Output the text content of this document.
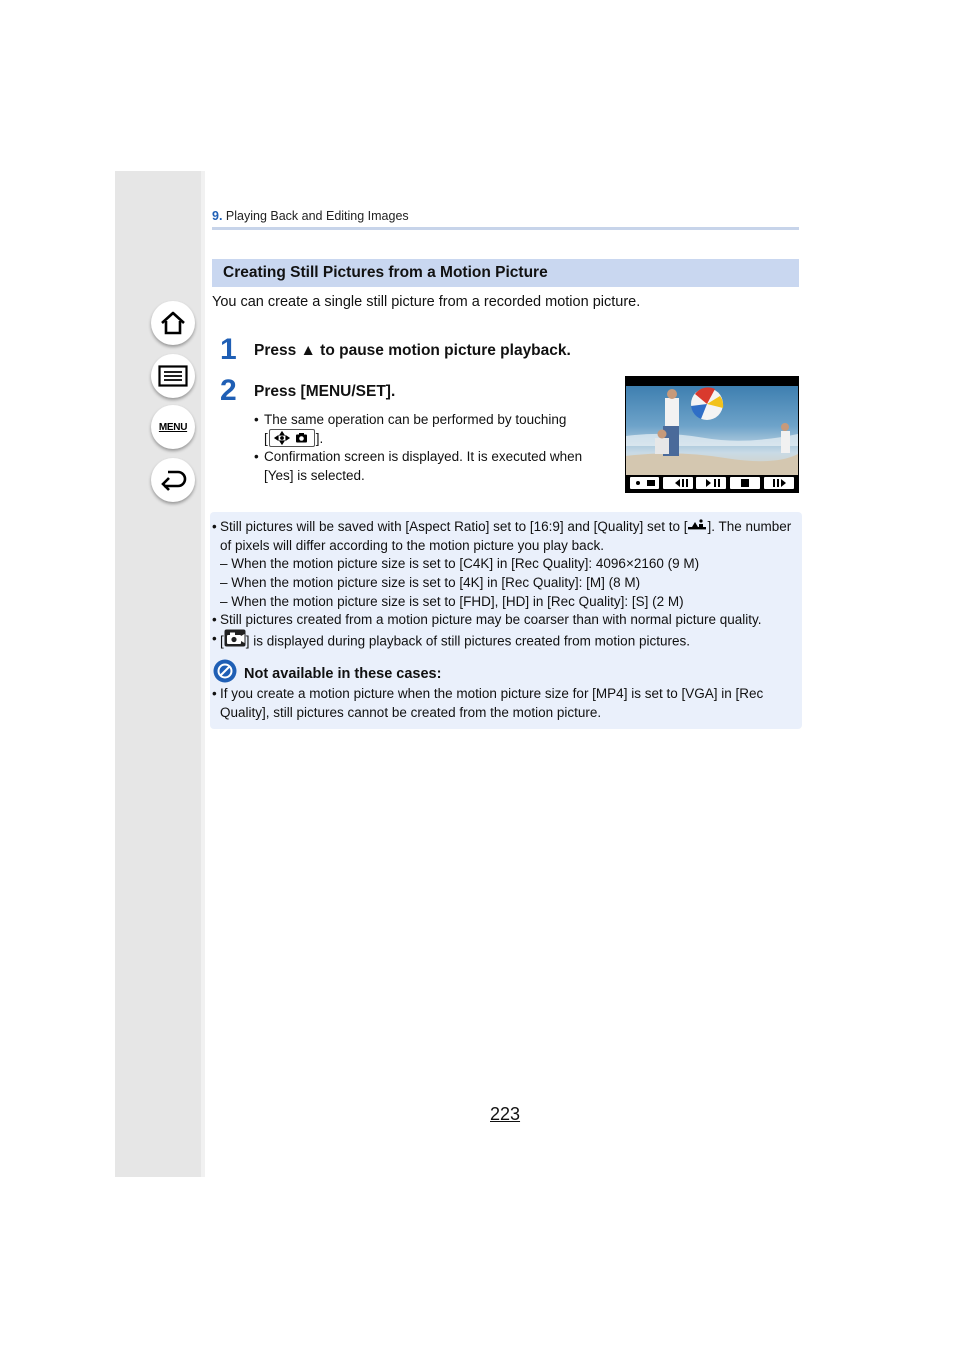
MENU
9. Playing Back and Editing Images
Creating Still Pictures from a Motion Picture
You can create a single still picture from a recorded motion picture.
1 Press ▲ to pause motion picture playback.
2 Press [MENU/SET].
• The same operation can be performed by touching
[	].
• Confirmation screen is displayed. It is executed when [Yes] is selected.
• Still pictures will be saved with [Aspect Ratio] set to [16:9] and [Quality] set to [ ]. The number of pixels will differ according to the motion picture you play back.
– When the motion picture size is set to [C4K] in [Rec Quality]: 4096×2160 (9 M)
– When the motion picture size is set to [4K] in [Rec Quality]: [M] (8 M)
– When the motion picture size is set to [FHD], [HD] in [Rec Quality]: [S] (2 M)
• Still pictures created from a motion picture may be coarser than with normal picture quality.
• [ ] is displayed during playback of still pictures created from motion pictures.
Not available in these cases:
• If you create a motion picture when the motion picture size for [MP4] is set to [VGA] in [Rec Quality], still pictures cannot be created from the motion picture.
223
